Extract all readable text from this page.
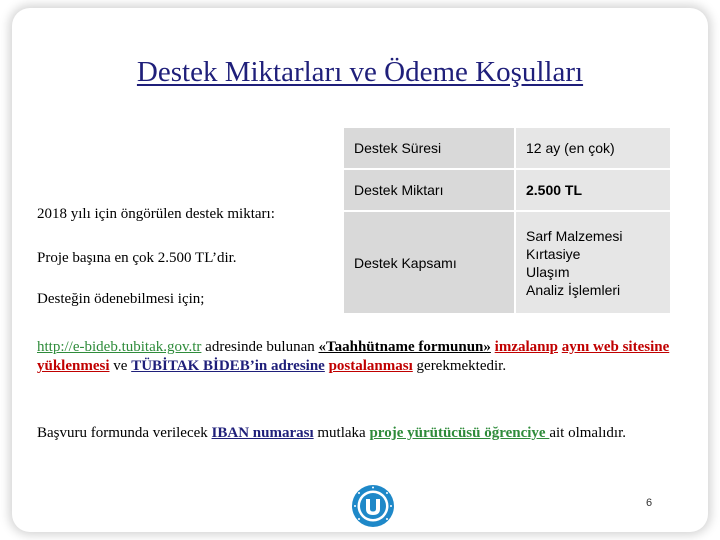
Destek Miktarları ve Ödeme Koşulları
Destek Süresi	12 ay (en çok)

Destek Miktarı	2.500 TL

Destek Kapsamı	Sarf Malzemesi
Kırtasiye
Ulaşım
Analiz İşlemleri
2018 yılı için öngörülen destek miktarı:
Proje başına en çok 2.500 TL’dir.
Desteğin ödenebilmesi için;
http://e-bideb.tubitak.gov.tr adresinde bulunan «Taahhütname formunun» imzalanıp aynı web sitesine yüklenmesi ve TÜBİTAK BİDEB’in adresine postalanması gerekmektedir.
Başvuru formunda verilecek IBAN numarası mutlaka proje yürütücüsü öğrenciye ait olmalıdır.
6
